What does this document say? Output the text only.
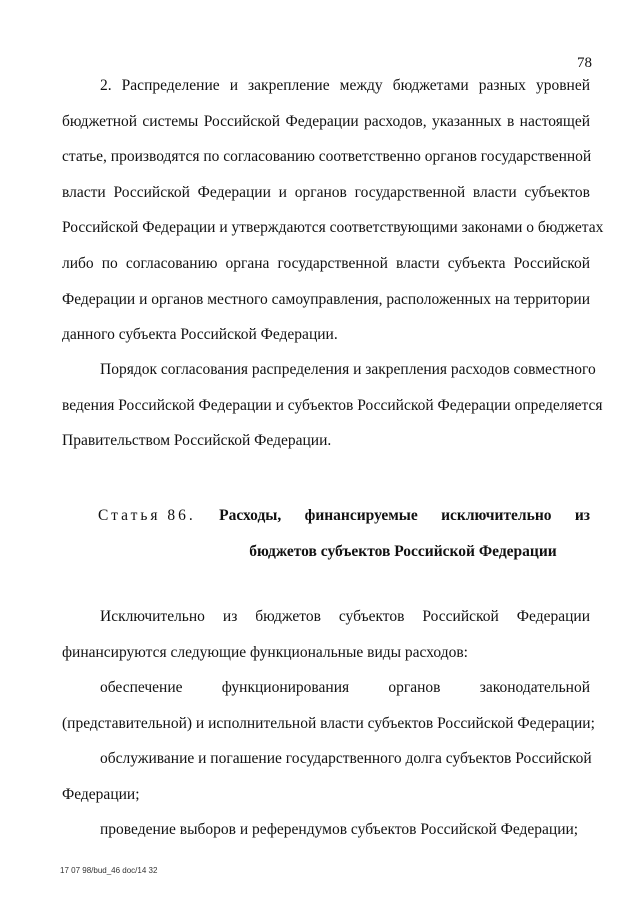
78
2. Распределение и закрепление между бюджетами разных уровней
бюджетной системы Российской Федерации расходов, указанных в настоящей
статье, производятся по согласованию соответственно органов государственной
власти Российской Федерации и органов государственной власти субъектов
Российской Федерации и утверждаются соответствующими законами о бюджетах
либо по согласованию органа государственной власти субъекта Российской
Федерации и органов местного самоуправления, расположенных на территории
данного субъекта Российской Федерации.
Порядок согласования распределения и закрепления расходов совместного
ведения Российской Федерации и субъектов Российской Федерации определяется
Правительством Российской Федерации.
Статья 86. Расходы, финансируемые исключительно из
бюджетов субъектов Российской Федерации
Исключительно из бюджетов субъектов Российской Федерации
финансируются следующие функциональные виды расходов:
обеспечение функционирования органов законодательной
(представительной) и исполнительной власти субъектов Российской Федерации;
обслуживание и погашение государственного долга субъектов Российской
Федерации;
проведение выборов и референдумов субъектов Российской Федерации;
17 07 98/bud_46 doc/14 32
